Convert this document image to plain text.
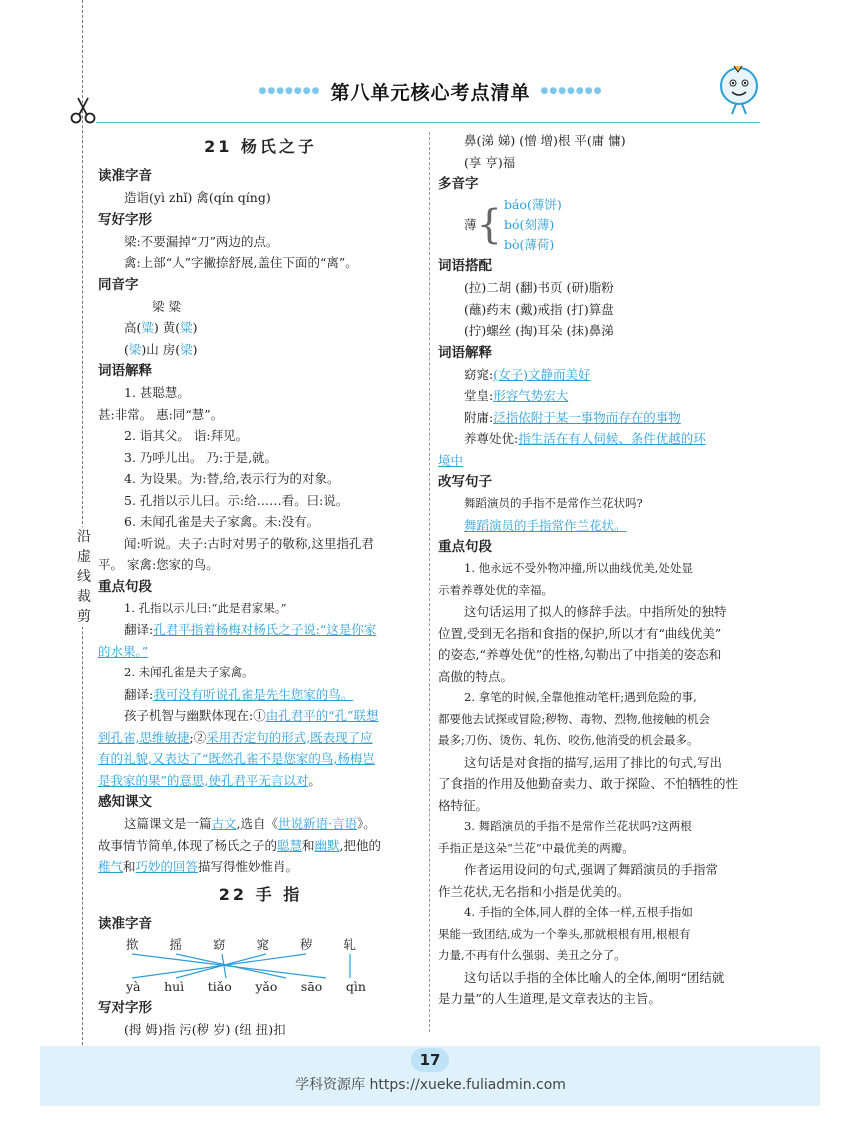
沿虚线裁剪
●●●●●●● 第八单元核心考点清单 ●●●●●●●
21 杨氏之子
读准字音
造诣(yì zhǐ) 禽(qín qíng)
写好字形
梁:不要漏掉“刀”两边的点。
禽:上部“人”字撇捺舒展,盖住下面的“离”。
同音字
梁 粱
高(粱) 黄(粱)
(梁)山 房(梁)
词语解释
1. 甚聪慧。
甚:非常。 惠:同“慧”。
2. 诣其父。 诣:拜见。
3. 乃呼儿出。 乃:于是,就。
4. 为设果。为:替,给,表示行为的对象。
5. 孔指以示儿曰。示:给……看。曰:说。
6. 未闻孔雀是夫子家禽。未:没有。
闻:听说。夫子:古时对男子的敬称,这里指孔君
平。 家禽:您家的鸟。
重点句段
1. 孔指以示儿曰:“此是君家果。”
翻译:孔君平指着杨梅对杨氏之子说:“这是你家
的水果。”
2. 未闻孔雀是夫子家禽。
翻译:我可没有听说孔雀是先生您家的鸟。
孩子机智与幽默体现在:①由孔君平的“孔”联想
到孔雀,思维敏捷;②采用否定句的形式,既表现了应
有的礼貌,又表达了“既然孔雀不是您家的鸟,杨梅岂
是我家的果”的意思,使孔君平无言以对。
感知课文
这篇课文是一篇古文,选自《世说新语·言语》。
故事情节简单,体现了杨氏之子的聪慧和幽默,把他的
稚气和巧妙的回答描写得惟妙惟肖。
22 手 指
读准字音
揿 摇 窈 窕 秽 轧
yà huì tiǎo yǎo sāo qìn
写对字形
(拇 姆)指 污(秽 岁) (纽 扭)扣
鼻(涕 娣) (憎 增)根 平(庸 慵)
(享 亨)福
多音字
薄 { báo(薄饼)
bó(刻薄)
bò(薄荷)
词语搭配
(拉)二胡 (翻)书页 (研)脂粉
(蘸)药末 (戴)戒指 (打)算盘
(拧)螺丝 (掏)耳朵 (抹)鼻涕
词语解释
窈窕:(女子)文静而美好
堂皇:形容气势宏大
附庸:泛指依附于某一事物而存在的事物
养尊处优:指生活在有人伺候、条件优越的环
境中
改写句子
舞蹈演员的手指不是常作兰花状吗?
舞蹈演员的手指常作兰花状。
重点句段
1. 他永远不受外物冲撞,所以曲线优美,处处显
示着养尊处优的幸福。
这句话运用了拟人的修辞手法。中指所处的独特
位置,受到无名指和食指的保护,所以才有“曲线优美”
的姿态,“养尊处优”的性格,勾勒出了中指美的姿态和
高傲的特点。
2. 拿笔的时候,全靠他推动笔杆;遇到危险的事,
都要他去试探或冒险;秽物、毒物、烈物,他接触的机会
最多;刀伤、烫伤、轧伤、咬伤,他消受的机会最多。
这句话是对食指的描写,运用了排比的句式,写出
了食指的作用及他勤奋卖力、敢于探险、不怕牺牲的性
格特征。
3. 舞蹈演员的手指不是常作兰花状吗?这两根
手指正是这朵“兰花”中最优美的两瓣。
作者运用设问的句式,强调了舞蹈演员的手指常
作兰花状,无名指和小指是优美的。
4. 手指的全体,同人群的全体一样,五根手指如
果能一致团结,成为一个拳头,那就根根有用,根根有
力量,不再有什么强弱、美丑之分了。
这句话以手指的全体比喻人的全体,阐明“团结就
是力量”的人生道理,是文章表达的主旨。
17
学科资源库 https://xueke.fuliadmin.com
